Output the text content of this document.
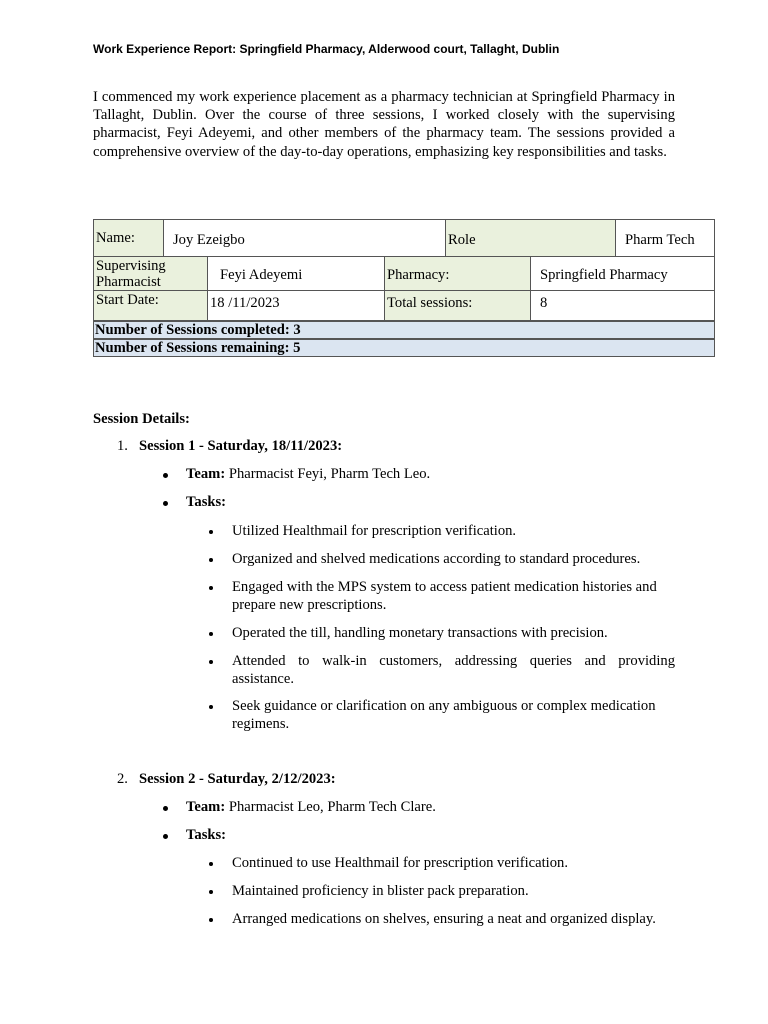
Work Experience Report: Springfield Pharmacy, Alderwood court, Tallaght, Dublin
I commenced my work experience placement as a pharmacy technician at Springfield Pharmacy in Tallaght, Dublin. Over the course of three sessions, I worked closely with the supervising pharmacist, Feyi Adeyemi, and other members of the pharmacy team. The sessions provided a comprehensive overview of the day-to-day operations, emphasizing key responsibilities and tasks.
Name:	Joy Ezeigbo	Role	Pharm Tech
Supervising
Pharmacist	Feyi Adeyemi	Pharmacy:	Springfield Pharmacy
Start Date:	18 /11/2023	Total sessions:	8
Number of Sessions completed: 3
Number of Sessions remaining: 5
Session Details:
1. Session 1 - Saturday, 18/11/2023:
Team: Pharmacist Feyi, Pharm Tech Leo.
Tasks:
Utilized Healthmail for prescription verification.
Organized and shelved medications according to standard procedures.
Engaged with the MPS system to access patient medication histories and prepare new prescriptions.
Operated the till, handling monetary transactions with precision.
Attended to walk-in customers, addressing queries and providing assistance.
Seek guidance or clarification on any ambiguous or complex medication regimens.
2. Session 2 - Saturday, 2/12/2023:
Team: Pharmacist Leo, Pharm Tech Clare.
Tasks:
Continued to use Healthmail for prescription verification.
Maintained proficiency in blister pack preparation.
Arranged medications on shelves, ensuring a neat and organized display.
